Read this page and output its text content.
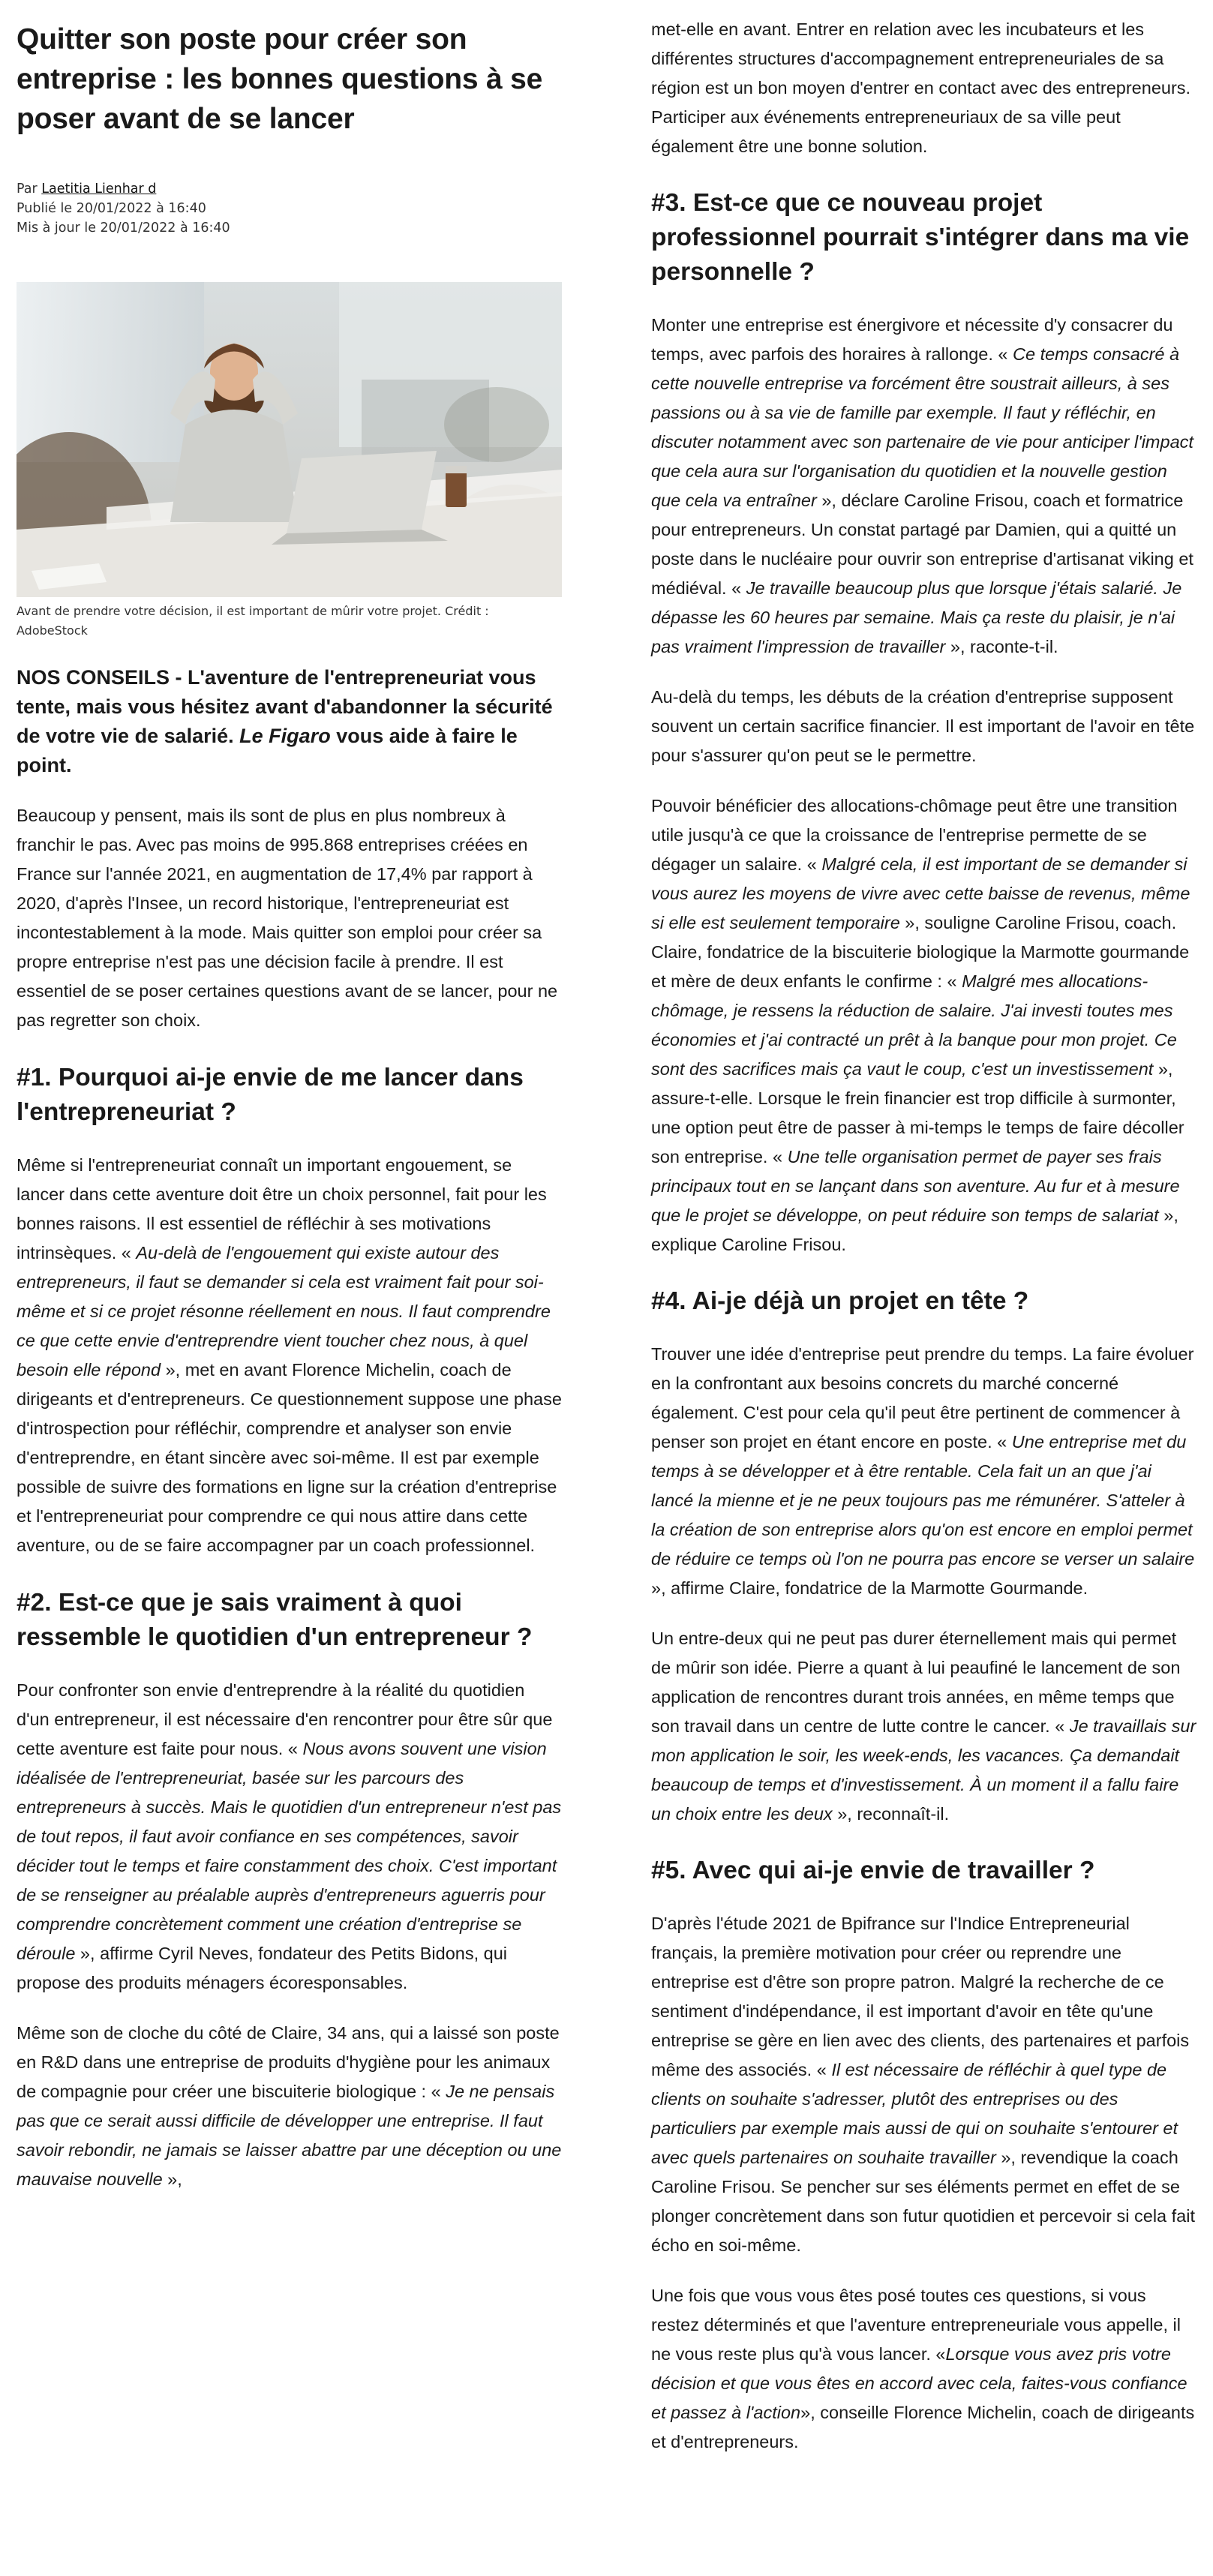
Quitter son poste pour créer son entreprise : les bonnes questions à se poser avant de se lancer
Par Laetitia Lienhar d
Publié le 20/01/2022 à 16:40
Mis à jour le 20/01/2022 à 16:40
Avant de prendre votre décision, il est important de mûrir votre projet. Crédit : AdobeStock

NOS CONSEILS - L'aventure de l'entrepreneuriat vous tente, mais vous hésitez avant d'abandonner la sécurité de votre vie de salarié. Le Figaro vous aide à faire le point.

Beaucoup y pensent, mais ils sont de plus en plus nombreux à franchir le pas. Avec pas moins de 995.868 entreprises créées en France sur l'année 2021, en augmentation de 17,4% par rapport à 2020, d'après l'Insee, un record historique, l'entrepreneuriat est incontestablement à la mode. Mais quitter son emploi pour créer sa propre entreprise n'est pas une décision facile à prendre. Il est essentiel de se poser certaines questions avant de se lancer, pour ne pas regretter son choix.

#1. Pourquoi ai-je envie de me lancer dans l'entrepreneuriat ?

Même si l'entrepreneuriat connaît un important engouement, se lancer dans cette aventure doit être un choix personnel, fait pour les bonnes raisons. Il est essentiel de réfléchir à ses motivations intrinsèques. « Au-delà de l'engouement qui existe autour des entrepreneurs, il faut se demander si cela est vraiment fait pour soi-même et si ce projet résonne réellement en nous. Il faut comprendre ce que cette envie d'entreprendre vient toucher chez nous, à quel besoin elle répond », met en avant Florence Michelin, coach de dirigeants et d'entrepreneurs. Ce questionnement suppose une phase d'introspection pour réfléchir, comprendre et analyser son envie d'entreprendre, en étant sincère avec soi-même. Il est par exemple possible de suivre des formations en ligne sur la création d'entreprise et l'entrepreneuriat pour comprendre ce qui nous attire dans cette aventure, ou de se faire accompagner par un coach professionnel.

#2. Est-ce que je sais vraiment à quoi ressemble le quotidien d'un entrepreneur ?

Pour confronter son envie d'entreprendre à la réalité du quotidien d'un entrepreneur, il est nécessaire d'en rencontrer pour être sûr que cette aventure est faite pour nous. « Nous avons souvent une vision idéalisée de l'entrepreneuriat, basée sur les parcours des entrepreneurs à succès. Mais le quotidien d'un entrepreneur n'est pas de tout repos, il faut avoir confiance en ses compétences, savoir décider tout le temps et faire constamment des choix. C'est important de se renseigner au préalable auprès d'entrepreneurs aguerris pour comprendre concrètement comment une création d'entreprise se déroule », affirme Cyril Neves, fondateur des Petits Bidons, qui propose des produits ménagers écoresponsables.

Même son de cloche du côté de Claire, 34 ans, qui a laissé son poste en R&D dans une entreprise de produits d'hygiène pour les animaux de compagnie pour créer une biscuiterie biologique : « Je ne pensais pas que ce serait aussi difficile de développer une entreprise. Il faut savoir rebondir, ne jamais se laisser abattre par une déception ou une mauvaise nouvelle »,

met-elle en avant. Entrer en relation avec les incubateurs et les différentes structures d'accompagnement entrepreneuriales de sa région est un bon moyen d'entrer en contact avec des entrepreneurs. Participer aux événements entrepreneuriaux de sa ville peut également être une bonne solution.

#3. Est-ce que ce nouveau projet professionnel pourrait s'intégrer dans ma vie personnelle ?

Monter une entreprise est énergivore et nécessite d'y consacrer du temps, avec parfois des horaires à rallonge. « Ce temps consacré à cette nouvelle entreprise va forcément être soustrait ailleurs, à ses passions ou à sa vie de famille par exemple. Il faut y réfléchir, en discuter notamment avec son partenaire de vie pour anticiper l'impact que cela aura sur l'organisation du quotidien et la nouvelle gestion que cela va entraîner », déclare Caroline Frisou, coach et formatrice pour entrepreneurs. Un constat partagé par Damien, qui a quitté un poste dans le nucléaire pour ouvrir son entreprise d'artisanat viking et médiéval. « Je travaille beaucoup plus que lorsque j'étais salarié. Je dépasse les 60 heures par semaine. Mais ça reste du plaisir, je n'ai pas vraiment l'impression de travailler », raconte-t-il.

Au-delà du temps, les débuts de la création d'entreprise supposent souvent un certain sacrifice financier. Il est important de l'avoir en tête pour s'assurer qu'on peut se le permettre.

Pouvoir bénéficier des allocations-chômage peut être une transition utile jusqu'à ce que la croissance de l'entreprise permette de se dégager un salaire. « Malgré cela, il est important de se demander si vous aurez les moyens de vivre avec cette baisse de revenus, même si elle est seulement temporaire », souligne Caroline Frisou, coach. Claire, fondatrice de la biscuiterie biologique la Marmotte gourmande et mère de deux enfants le confirme : « Malgré mes allocations-chômage, je ressens la réduction de salaire. J'ai investi toutes mes économies et j'ai contracté un prêt à la banque pour mon projet. Ce sont des sacrifices mais ça vaut le coup, c'est un investissement », assure-t-elle. Lorsque le frein financier est trop difficile à surmonter, une option peut être de passer à mi-temps le temps de faire décoller son entreprise. « Une telle organisation permet de payer ses frais principaux tout en se lançant dans son aventure. Au fur et à mesure que le projet se développe, on peut réduire son temps de salariat », explique Caroline Frisou.

#4. Ai-je déjà un projet en tête ?

Trouver une idée d'entreprise peut prendre du temps. La faire évoluer en la confrontant aux besoins concrets du marché concerné également. C'est pour cela qu'il peut être pertinent de commencer à penser son projet en étant encore en poste. « Une entreprise met du temps à se développer et à être rentable. Cela fait un an que j'ai lancé la mienne et je ne peux toujours pas me rémunérer. S'atteler à la création de son entreprise alors qu'on est encore en emploi permet de réduire ce temps où l'on ne pourra pas encore se verser un salaire », affirme Claire, fondatrice de la Marmotte Gourmande.

Un entre-deux qui ne peut pas durer éternellement mais qui permet de mûrir son idée. Pierre a quant à lui peaufiné le lancement de son application de rencontres durant trois années, en même temps que son travail dans un centre de lutte contre le cancer. « Je travaillais sur mon application le soir, les week-ends, les vacances. Ça demandait beaucoup de temps et d'investissement. À un moment il a fallu faire un choix entre les deux », reconnaît-il.

#5. Avec qui ai-je envie de travailler ?

D'après l'étude 2021 de Bpifrance sur l'Indice Entrepreneurial français, la première motivation pour créer ou reprendre une entreprise est d'être son propre patron. Malgré la recherche de ce sentiment d'indépendance, il est important d'avoir en tête qu'une entreprise se gère en lien avec des clients, des partenaires et parfois même des associés. « Il est nécessaire de réfléchir à quel type de clients on souhaite s'adresser, plutôt des entreprises ou des particuliers par exemple mais aussi de qui on souhaite s'entourer et avec quels partenaires on souhaite travailler », revendique la coach Caroline Frisou. Se pencher sur ses éléments permet en effet de se plonger concrètement dans son futur quotidien et percevoir si cela fait écho en soi-même.

Une fois que vous vous êtes posé toutes ces questions, si vous restez déterminés et que l'aventure entrepreneuriale vous appelle, il ne vous reste plus qu'à vous lancer. «Lorsque vous avez pris votre décision et que vous êtes en accord avec cela, faites-vous confiance et passez à l'action», conseille Florence Michelin, coach de dirigeants et d'entrepreneurs.
